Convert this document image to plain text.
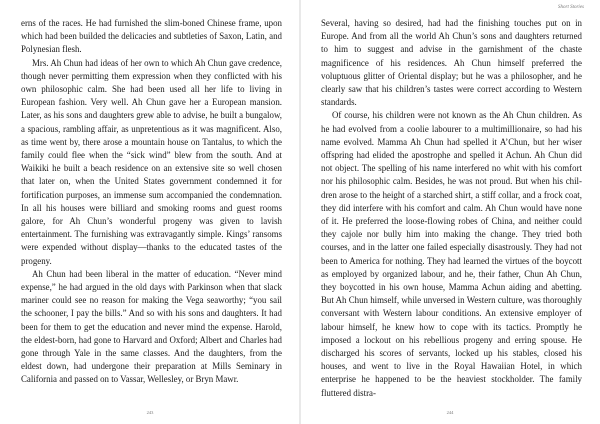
erns of the races. He had furnished the slim-boned Chinese frame, upon which had been builded the delicacies and subtleties of Saxon, Latin, and Polynesian flesh.

Mrs. Ah Chun had ideas of her own to which Ah Chun gave credence, though never permitting them expression when they conflicted with his own philosophic calm. She had been used all her life to living in European fashion. Very well. Ah Chun gave her a European mansion. Later, as his sons and daughters grew able to advise, he built a bungalow, a spacious, rambling affair, as unpretentious as it was magnificent. Also, as time went by, there arose a mountain house on Tantalus, to which the family could flee when the “sick wind” blew from the south. And at Waikiki he built a beach residence on an extensive site so well chosen that later on, when the United States government condemned it for fortification purposes, an immense sum accompanied the condemnation. In all his houses were billiard and smoking rooms and guest rooms galore, for Ah Chun’s wonderful progeny was given to lavish entertainment. The furnishing was extravagantly simple. Kings’ ransoms were expended without display—thanks to the educated tastes of the progeny.

Ah Chun had been liberal in the matter of education. “Never mind expense,” he had argued in the old days with Parkinson when that slack mariner could see no reason for making the Vega seaworthy; “you sail the schooner, I pay the bills.” And so with his sons and daughters. It had been for them to get the education and never mind the expense. Harold, the eldest-born, had gone to Harvard and Oxford; Albert and Charles had gone through Yale in the same classes. And the daughters, from the eldest down, had undergone their preparation at Mills Seminary in California and passed on to Vassar, Wellesley, or Bryn Mawr.

243
Short Stories

Several, having so desired, had had the finishing touches put on in Europe. And from all the world Ah Chun’s sons and daughters returned to him to suggest and advise in the garnishment of the chaste magnificence of his residences. Ah Chun himself preferred the voluptuous glitter of Oriental display; but he was a philosopher, and he clearly saw that his children’s tastes were correct according to Western standards.

Of course, his children were not known as the Ah Chun children. As he had evolved from a coolie labourer to a multimillionaire, so had his name evolved. Mamma Ah Chun had spelled it A’Chun, but her wiser offspring had elided the apostrophe and spelled it Achun. Ah Chun did not object. The spelling of his name interfered no whit with his comfort nor his philosophic calm. Besides, he was not proud. But when his children arose to the height of a starched shirt, a stiff collar, and a frock coat, they did interfere with his comfort and calm. Ah Chun would have none of it. He preferred the loose-flowing robes of China, and neither could they cajole nor bully him into making the change. They tried both courses, and in the latter one failed especially disastrously. They had not been to America for nothing. They had learned the virtues of the boycott as employed by organized labour, and he, their father, Chun Ah Chun, they boycotted in his own house, Mamma Achun aiding and abetting. But Ah Chun himself, while unversed in Western culture, was thoroughly conversant with Western labour conditions. An extensive employer of labour himself, he knew how to cope with its tactics. Promptly he imposed a lockout on his rebellious progeny and erring spouse. He discharged his scores of servants, locked up his stables, closed his houses, and went to live in the Royal Hawaiian Hotel, in which enterprise he happened to be the heaviest stockholder. The family fluttered distra-

244
